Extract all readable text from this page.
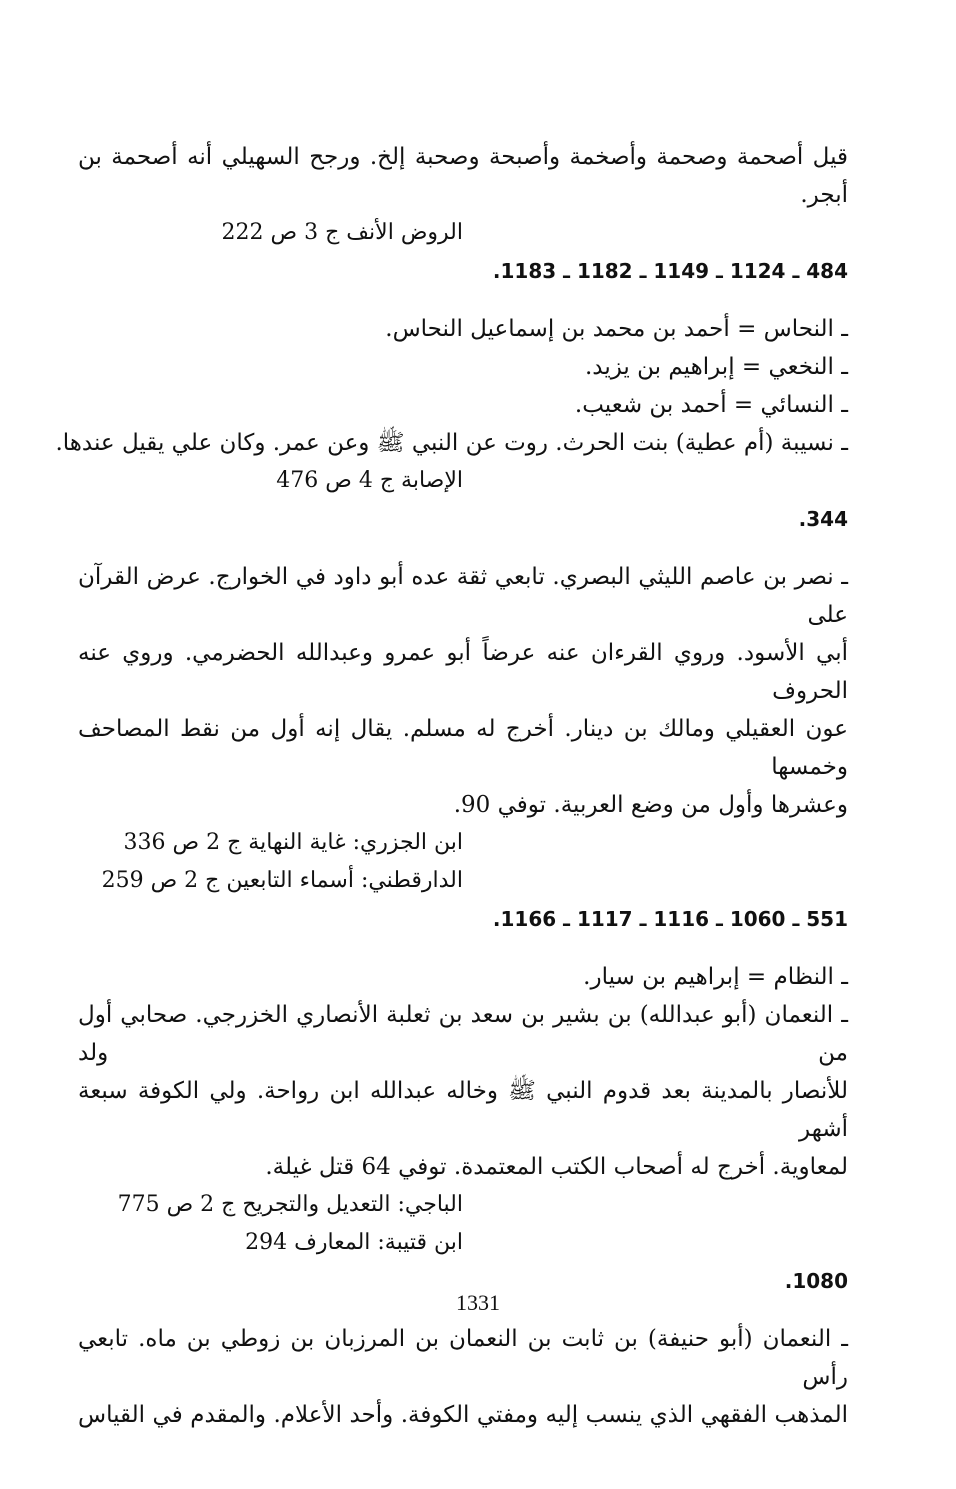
قيل أصحمة وصحمة وأصخمة وأصبحة وصحبة إلخ. ورجح السهيلي أنه أصحمة بن
أبجر.
الروض الأنف ج 3 ص 222
484 ـ 1124 ـ 1149 ـ 1182 ـ 1183.
ـ النحاس = أحمد بن محمد بن إسماعيل النحاس.
ـ النخعي = إبراهيم بن يزيد.
ـ النسائي = أحمد بن شعيب.
ـ نسيبة (أم عطية) بنت الحرث. روت عن النبي ﷺ وعن عمر. وكان علي يقيل عندها.
الإصابة ج 4 ص 476
344.
ـ نصر بن عاصم الليثي البصري. تابعي ثقة عده أبو داود في الخوارج. عرض القرآن على
أبي الأسود. وروي القرءان عنه عرضاً أبو عمرو وعبدالله الحضرمي. وروي عنه الحروف
عون العقيلي ومالك بن دينار. أخرج له مسلم. يقال إنه أول من نقط المصاحف وخمسها
وعشرها وأول من وضع العربية. توفي 90.
ابن الجزري: غاية النهاية ج 2 ص 336
الدارقطني: أسماء التابعين ج 2 ص 259
551 ـ 1060 ـ 1116 ـ 1117 ـ 1166.
ـ النظام = إبراهيم بن سيار.
ـ النعمان (أبو عبدالله) بن بشير بن سعد بن ثعلبة الأنصاري الخزرجي. صحابي أول من ولد
للأنصار بالمدينة بعد قدوم النبي ﷺ وخاله عبدالله ابن رواحة. ولي الكوفة سبعة أشهر
لمعاوية. أخرج له أصحاب الكتب المعتمدة. توفي 64 قتل غيلة.
الباجي: التعديل والتجريح ج 2 ص 775
ابن قتيبة: المعارف 294
1080.
ـ النعمان (أبو حنيفة) بن ثابت بن النعمان بن المرزبان بن زوطي بن ماه. تابعي رأس
المذهب الفقهي الذي ينسب إليه ومفتي الكوفة. وأحد الأعلام. والمقدم في القياس
1331
